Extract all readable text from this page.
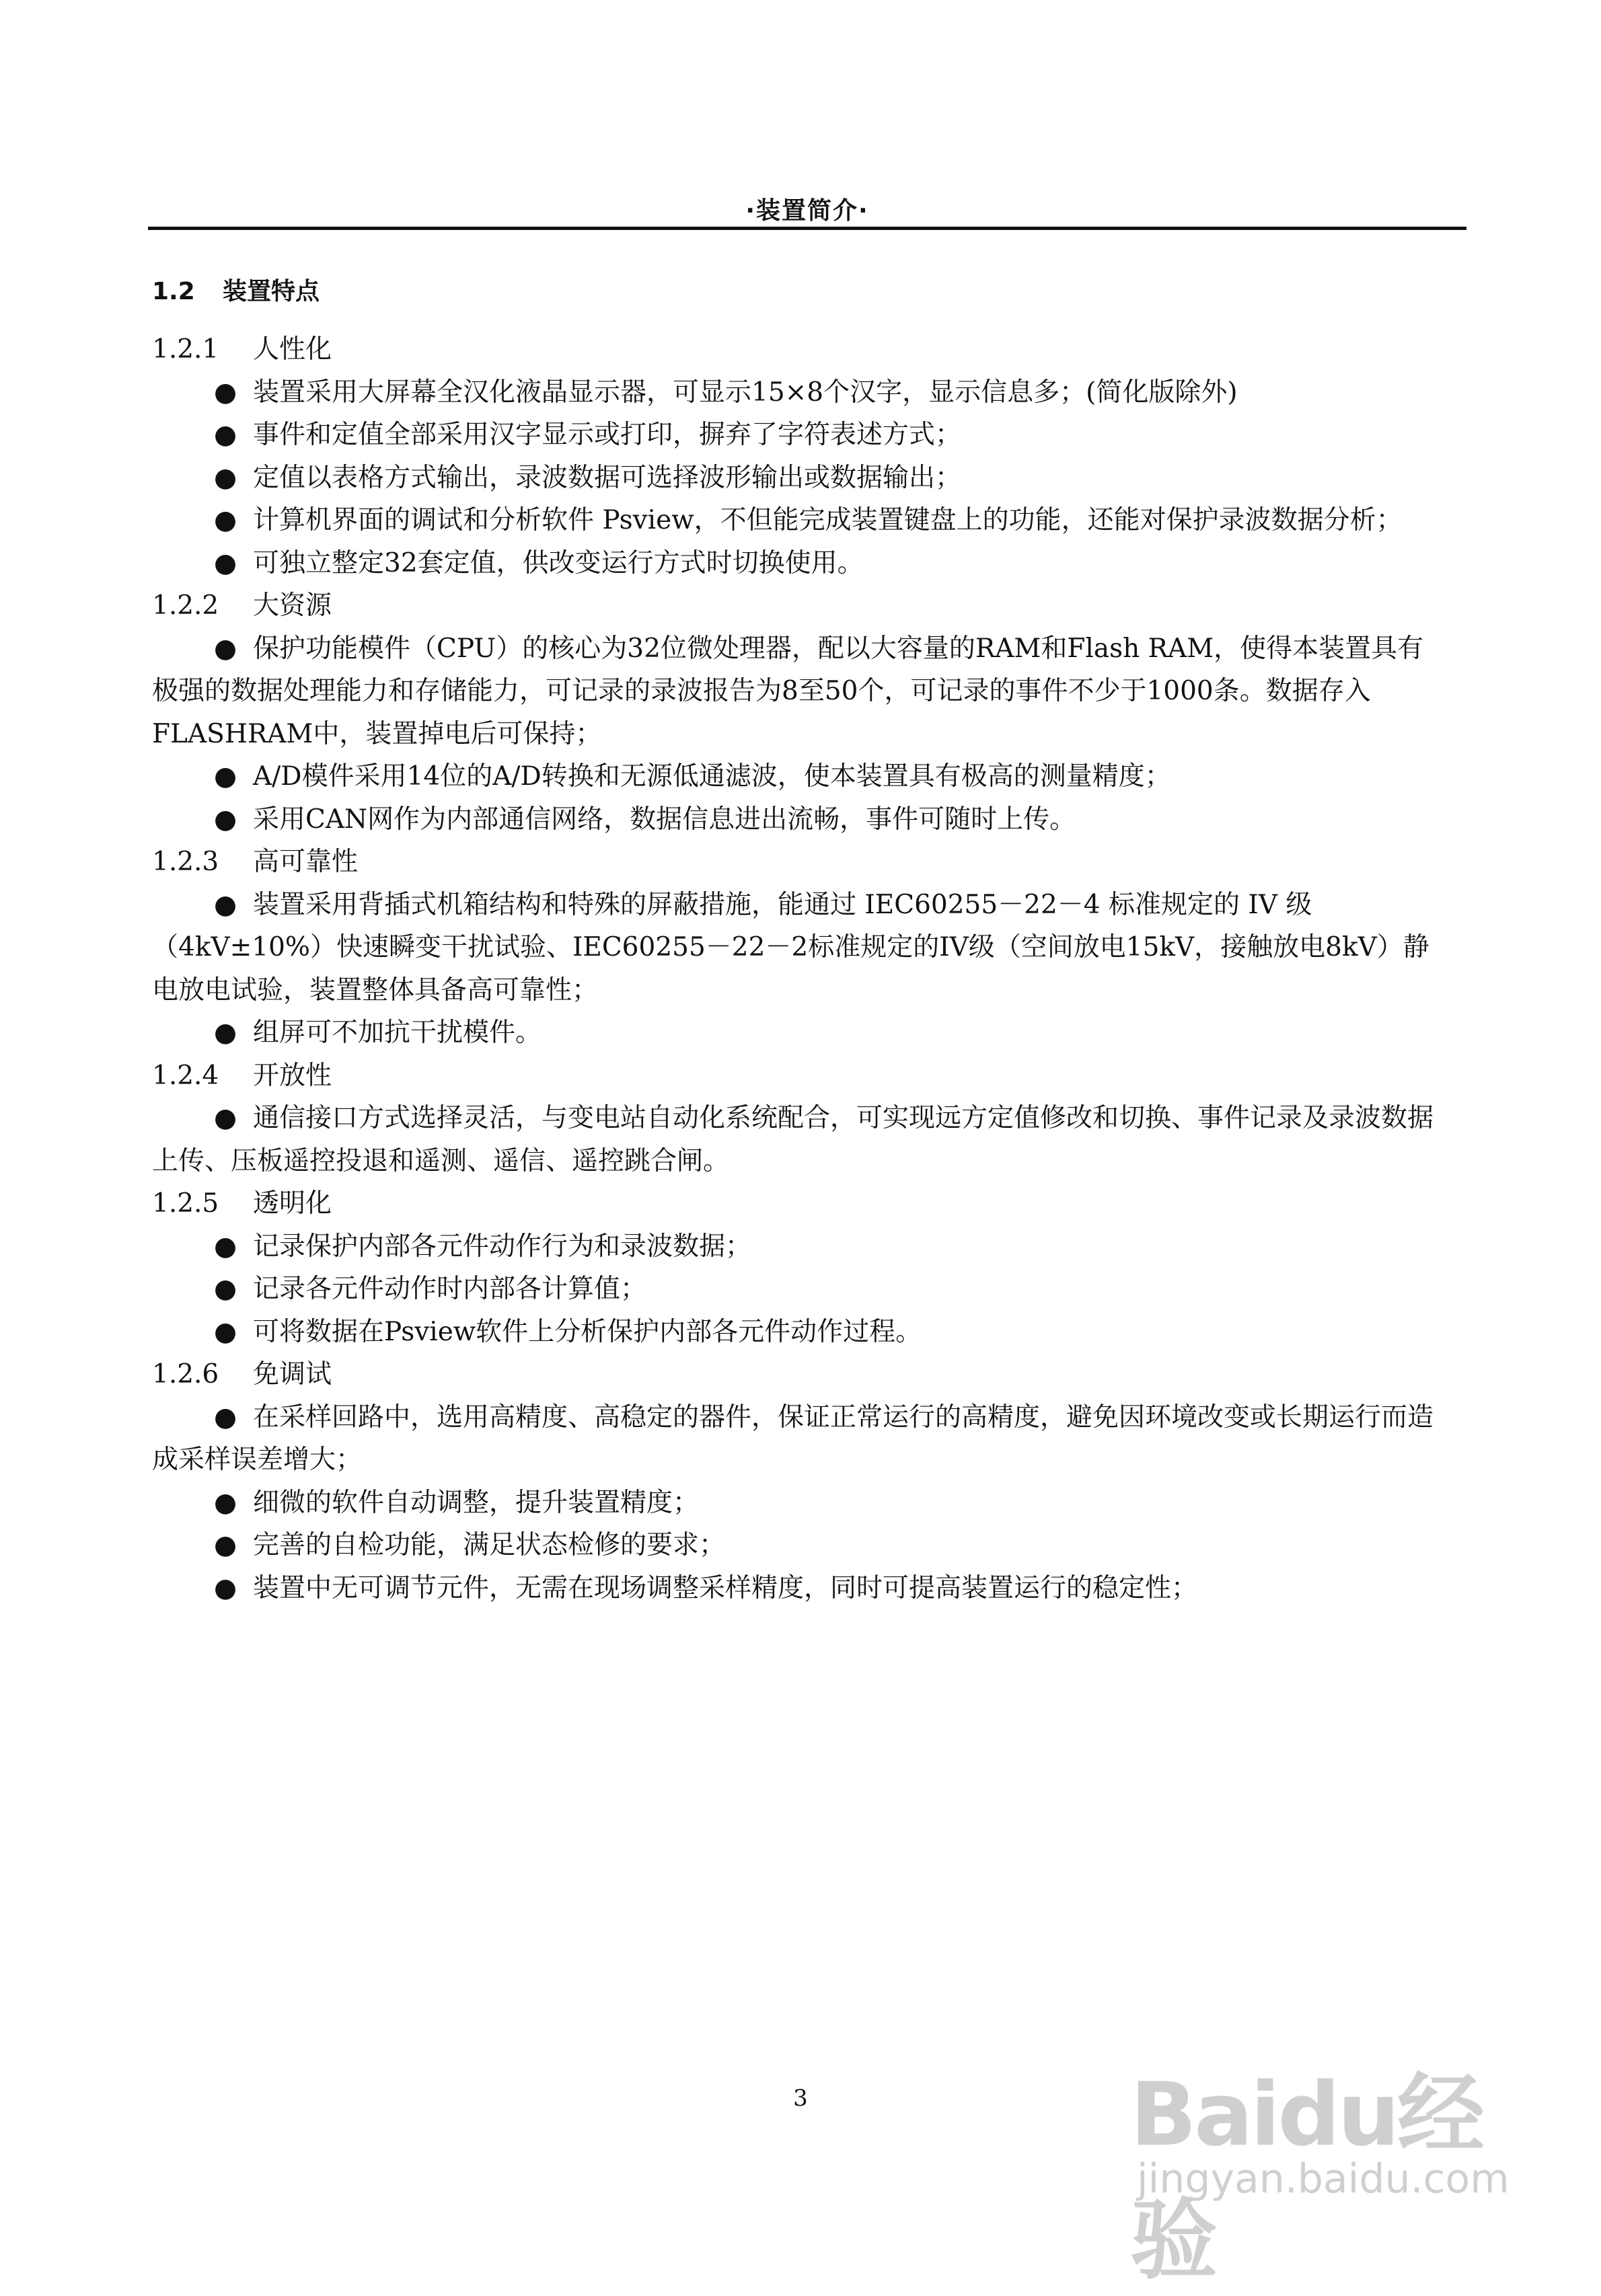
·装置简介·
1.2 装置特点

1.2.1 人性化

● 装置采用大屏幕全汉化液晶显示器，可显示15×8个汉字，显示信息多；(简化版除外)

● 事件和定值全部采用汉字显示或打印，摒弃了字符表述方式；

● 定值以表格方式输出，录波数据可选择波形输出或数据输出；

● 计算机界面的调试和分析软件 Psview，不但能完成装置键盘上的功能，还能对保护录波数据分析；

● 可独立整定32套定值，供改变运行方式时切换使用。

1.2.2 大资源

● 保护功能模件（CPU）的核心为32位微处理器，配以大容量的RAM和Flash RAM，使得本装置具有极强的数据处理能力和存储能力，可记录的录波报告为8至50个，可记录的事件不少于1000条。数据存入FLASHRAM中，装置掉电后可保持；

● A/D模件采用14位的A/D转换和无源低通滤波，使本装置具有极高的测量精度；

● 采用CAN网作为内部通信网络，数据信息进出流畅，事件可随时上传。

1.2.3 高可靠性

● 装置采用背插式机箱结构和特殊的屏蔽措施，能通过 IEC60255－22－4 标准规定的 IV 级（4kV±10%）快速瞬变干扰试验、IEC60255－22－2标准规定的IV级（空间放电15kV，接触放电8kV）静电放电试验，装置整体具备高可靠性；

● 组屏可不加抗干扰模件。

1.2.4 开放性

● 通信接口方式选择灵活，与变电站自动化系统配合，可实现远方定值修改和切换、事件记录及录波数据上传、压板遥控投退和遥测、遥信、遥控跳合闸。

1.2.5 透明化

● 记录保护内部各元件动作行为和录波数据；

● 记录各元件动作时内部各计算值；

● 可将数据在Psview软件上分析保护内部各元件动作过程。

1.2.6 免调试

● 在采样回路中，选用高精度、高稳定的器件，保证正常运行的高精度，避免因环境改变或长期运行而造成采样误差增大；

● 细微的软件自动调整，提升装置精度；

● 完善的自检功能，满足状态检修的要求；

● 装置中无可调节元件，无需在现场调整采样精度，同时可提高装置运行的稳定性；

3	Baidu经验
jingyan.baidu.com
